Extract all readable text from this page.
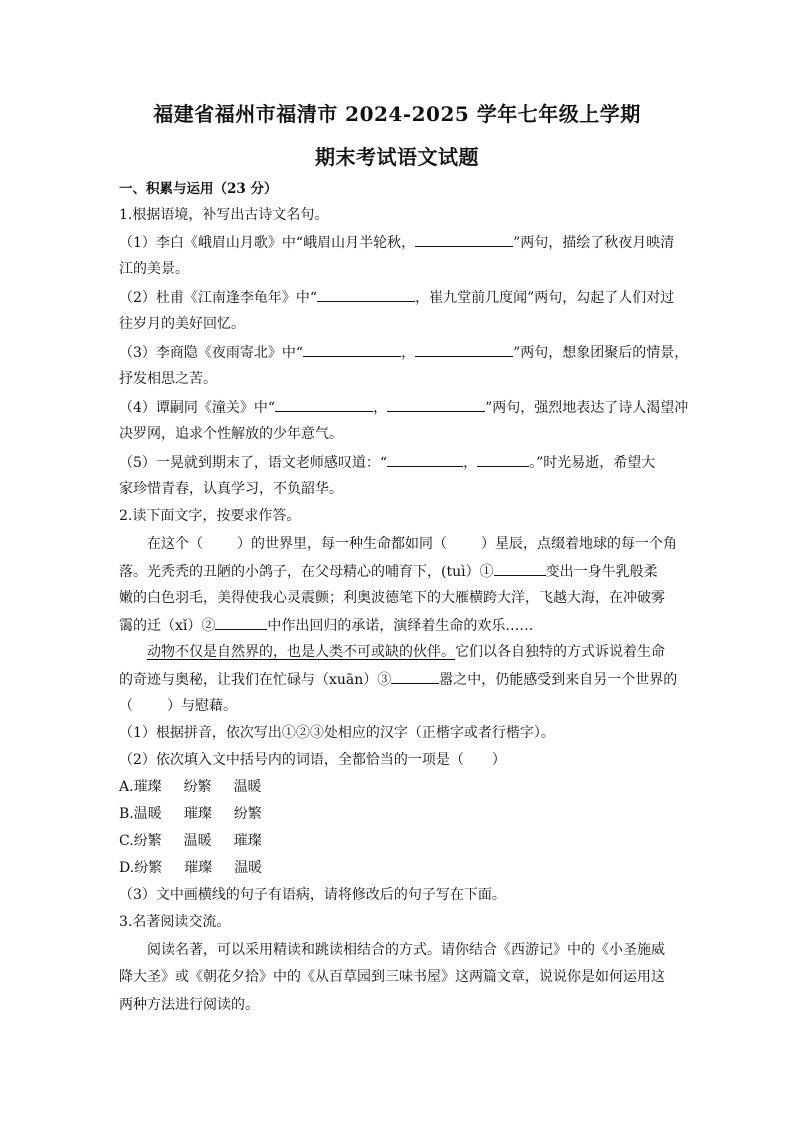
福建省福州市福清市 2024-2025 学年七年级上学期
期末考试语文试题
一、积累与运用（23 分）
1.根据语境，补写出古诗文名句。
（1）李白《峨眉山月歌》中“峨眉山月半轮秋，	”两句，描绘了秋夜月映清
江的美景。
（2）杜甫《江南逢李龟年》中“	，崔九堂前几度闻”两句，勾起了人们对过
往岁月的美好回忆。
（3）李商隐《夜雨寄北》中“	，	”两句，想象团聚后的情景，
抒发相思之苦。
（4）谭嗣同《潼关》中“	，	”两句，强烈地表达了诗人渴望冲
决罗网，追求个性解放的少年意气。
（5）一晃就到期末了，语文老师感叹道：“	，	。”时光易逝，希望大
家珍惜青春，认真学习，不负韶华。
2.读下面文字，按要求作答。
在这个（ ）的世界里，每一种生命都如同（ ）星辰，点缀着地球的每一个角
落。光秃秃的丑陋的小鸽子，在父母精心的哺育下，(tuì）①	变出一身牛乳般柔
嫩的白色羽毛，美得使我心灵震颤；利奥波德笔下的大雁横跨大洋，飞越大海，在冲破雾
霭的迁（xǐ）②	中作出回归的承诺，演绎着生命的欢乐……
动物不仅是自然界的，也是人类不可或缺的伙伴。它们以各自独特的方式诉说着生命
的奇迹与奥秘，让我们在忙碌与（xuān）③	嚣之中，仍能感受到来自另一个世界的
（ ）与慰藉。
（1）根据拼音，依次写出①②③处相应的汉字（正楷字或者行楷字）。
（2）依次填入文中括号内的词语，全都恰当的一项是（　　）
A.璀璨 纷繁 温暖
B.温暖 璀璨 纷繁
C.纷繁 温暖 璀璨
D.纷繁 璀璨 温暖
（3）文中画横线的句子有语病，请将修改后的句子写在下面。
3.名著阅读交流。
阅读名著，可以采用精读和跳读相结合的方式。请你结合《西游记》中的《小圣施威
降大圣》或《朝花夕拾》中的《从百草园到三味书屋》这两篇文章，说说你是如何运用这
两种方法进行阅读的。
